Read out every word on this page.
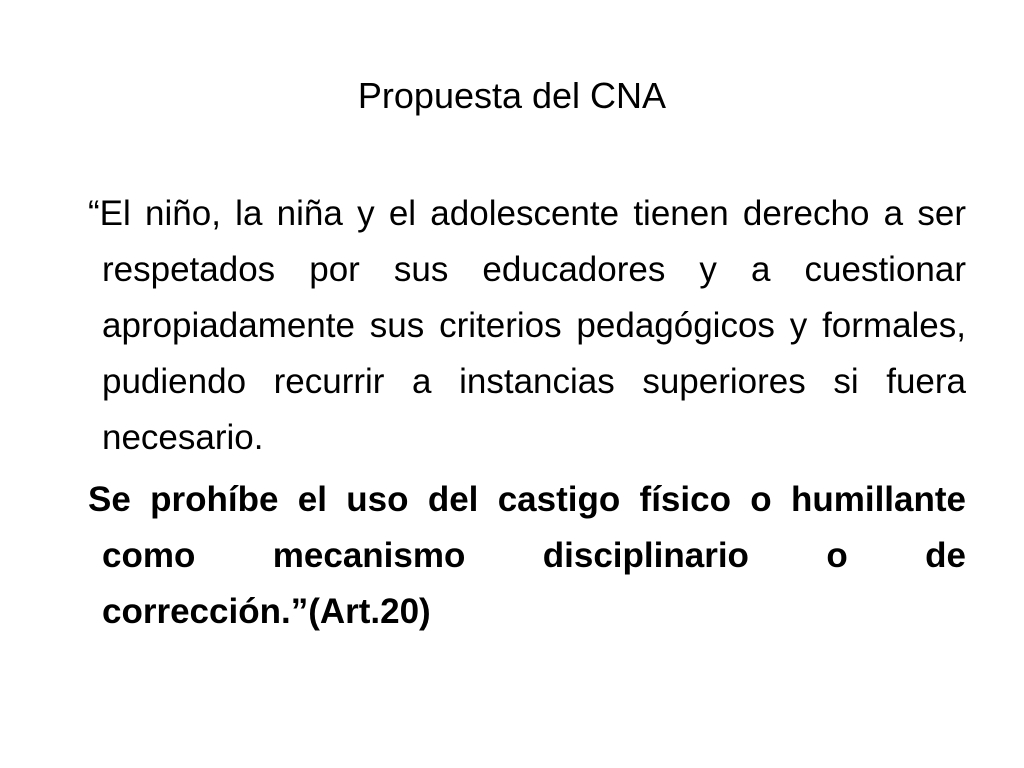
Propuesta del CNA

“El niño, la niña y el adolescente tienen derecho a ser respetados por sus educadores y a cuestionar apropiadamente sus criterios pedagógicos y formales, pudiendo recurrir a instancias superiores si fuera necesario.

Se prohíbe el uso del castigo físico o humillante como mecanismo disciplinario o de corrección.”(Art.20)
